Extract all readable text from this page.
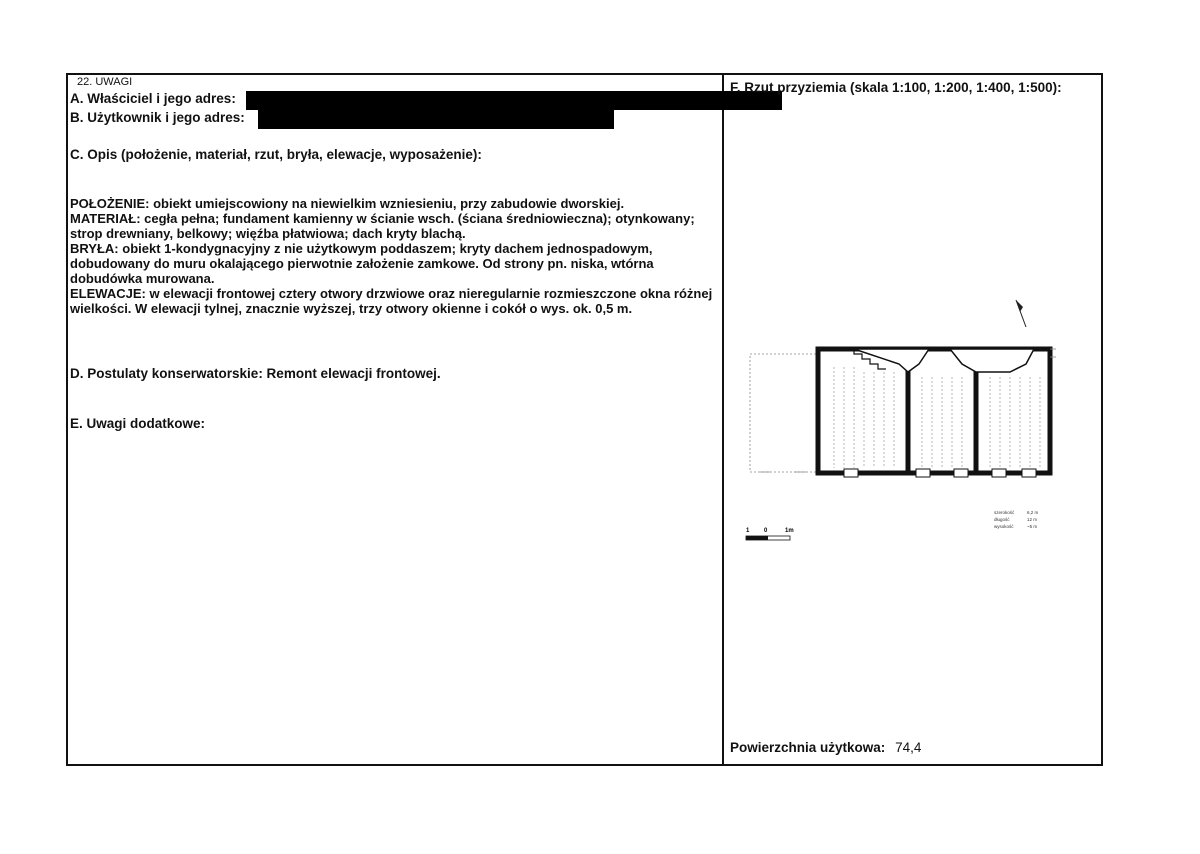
22. UWAGI
A. Właściciel i jego adres:
B. Użytkownik i jego adres:
C. Opis (położenie, materiał, rzut, bryła, elewacje, wyposażenie):
POŁOŻENIE: obiekt umiejscowiony na niewielkim wzniesieniu, przy zabudowie dworskiej.
MATERIAŁ: cegła pełna; fundament kamienny w ścianie wsch. (ściana średniowieczna); otynkowany; strop drewniany, belkowy; więźba płatwiowa; dach kryty blachą.
BRYŁA: obiekt 1-kondygnacyjny z nie użytkowym poddaszem; kryty dachem jednospadowym, dobudowany do muru okalającego pierwotnie założenie zamkowe. Od strony pn. niska, wtórna dobudówka murowana.
ELEWACJE: w elewacji frontowej cztery otwory drzwiowe oraz nieregularnie rozmieszczone okna różnej wielkości. W elewacji tylnej, znacznie wyższej, trzy otwory okienne i cokół o wys. ok. 0,5 m.
D. Postulaty konserwatorskie: Remont elewacji frontowej.
E. Uwagi dodatkowe:
F. Rzut przyziemia (skala 1:100, 1:200, 1:400, 1:500):
1 0	1m
szerokość	6,2 m
długość	12 m
wysokość	~5 m
Powierzchnia użytkowa: 74,4
